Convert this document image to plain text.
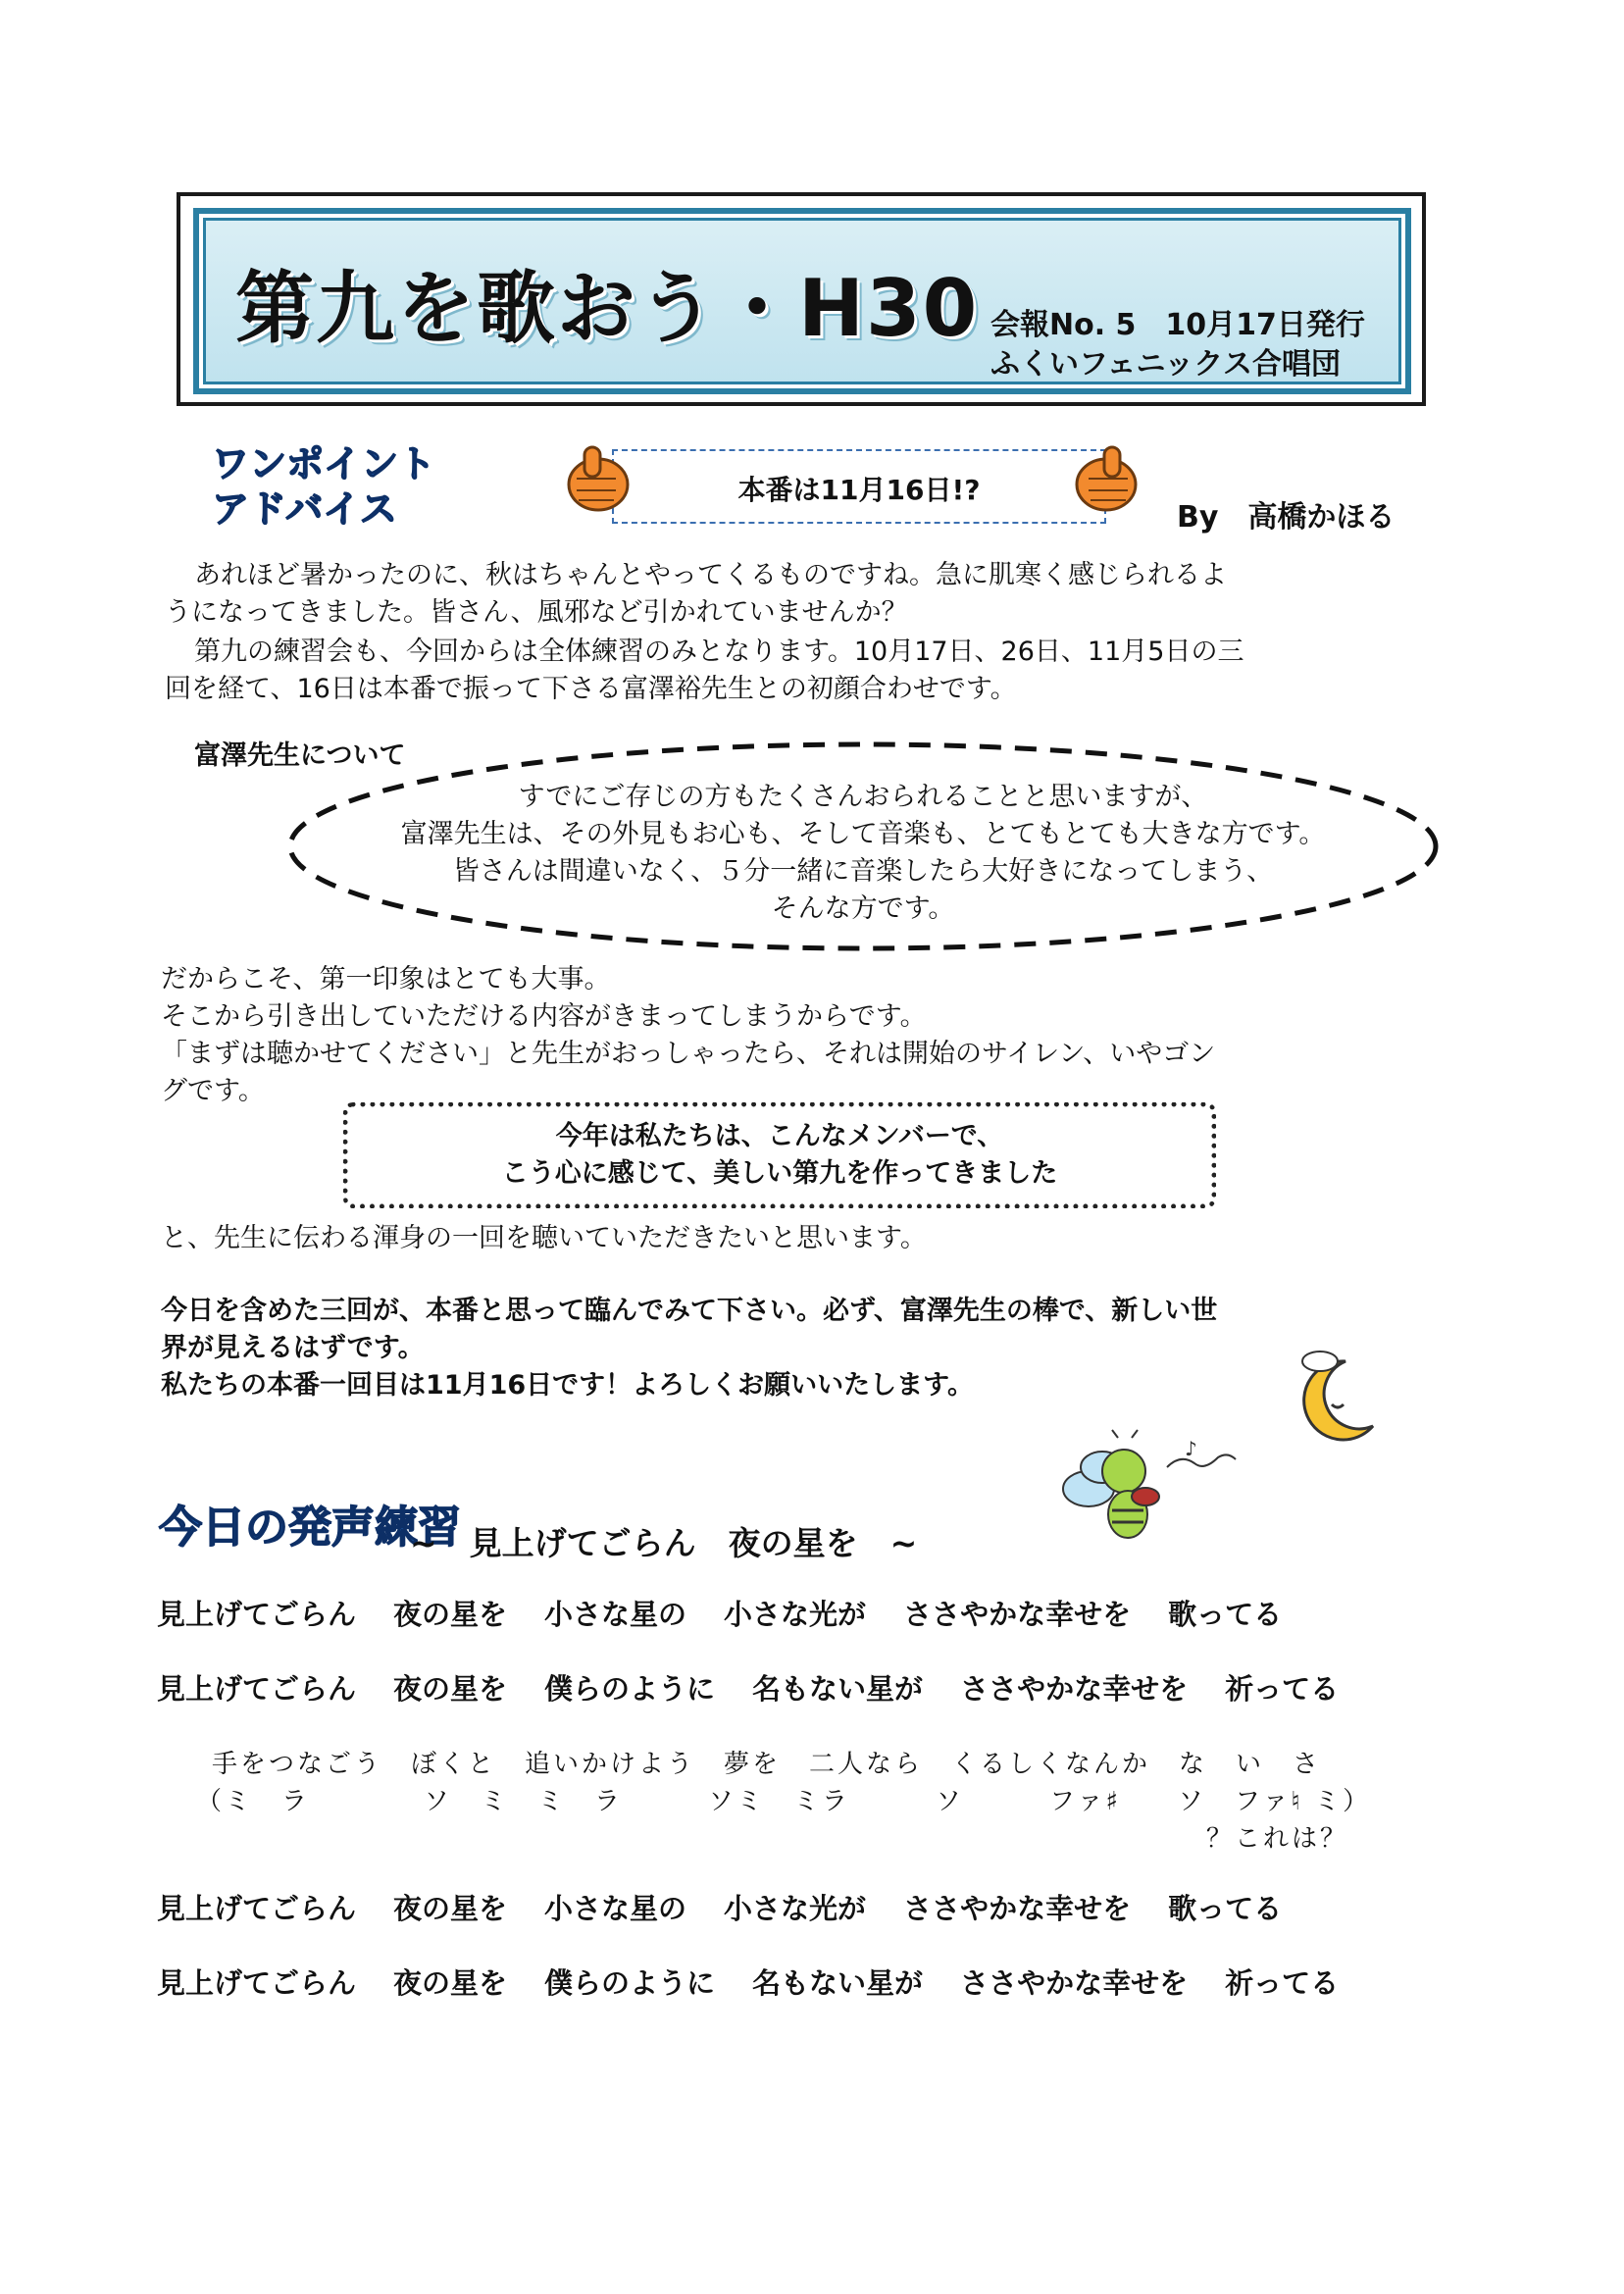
第九を歌おう・H30 会報No. 5　10月17日発行
ふくいフェニックス合唱団
ワンポイント
アドバイス	本番は11月16日!?
By　高橋かほる
あれほど暑かったのに、秋はちゃんとやってくるものですね。急に肌寒く感じられるよ
うになってきました。皆さん、風邪など引かれていませんか？
第九の練習会も、今回からは全体練習のみとなります。10月17日、26日、11月5日の三
回を経て、16日は本番で振って下さる富澤裕先生との初顔合わせです。
富澤先生について
すでにご存じの方もたくさんおられることと思いますが、
富澤先生は、その外見もお心も、そして音楽も、とてもとても大きな方です。
皆さんは間違いなく、５分一緒に音楽したら大好きになってしまう、
そんな方です。
だからこそ、第一印象はとても大事。
そこから引き出していただける内容がきまってしまうからです。
「まずは聴かせてください」と先生がおっしゃったら、それは開始のサイレン、いやゴン
グです。
今年は私たちは、こんなメンバーで、
こう心に感じて、美しい第九を作ってきました
と、先生に伝わる渾身の一回を聴いていただきたいと思います。
今日を含めた三回が、本番と思って臨んでみて下さい。必ず、富澤先生の棒で、新しい世
界が見えるはずです。
私たちの本番一回目は11月16日です！よろしくお願いいたします。
今日の発声練習
~　見上げてごらん　夜の星を　~
♪
見上げてごらん 夜の星を 小さな星の 小さな光が ささやかな幸せを 歌ってる
見上げてごらん 夜の星を 僕らのように 名もない星が ささやかな幸せを 祈ってる
手をつなごう　ぼくと　追いかけよう　夢を　二人なら　くるしくなんか　な　い　さ
（ミ　ラ　　　　ソ　ミ　ミ　ラ　　　ソミ　ミラ　　　ソ　　　ファ♯　　ソ　ファ♮ ミ）
？これは？
見上げてごらん 夜の星を 小さな星の 小さな光が ささやかな幸せを 歌ってる
見上げてごらん 夜の星を 僕らのように 名もない星が ささやかな幸せを 祈ってる
